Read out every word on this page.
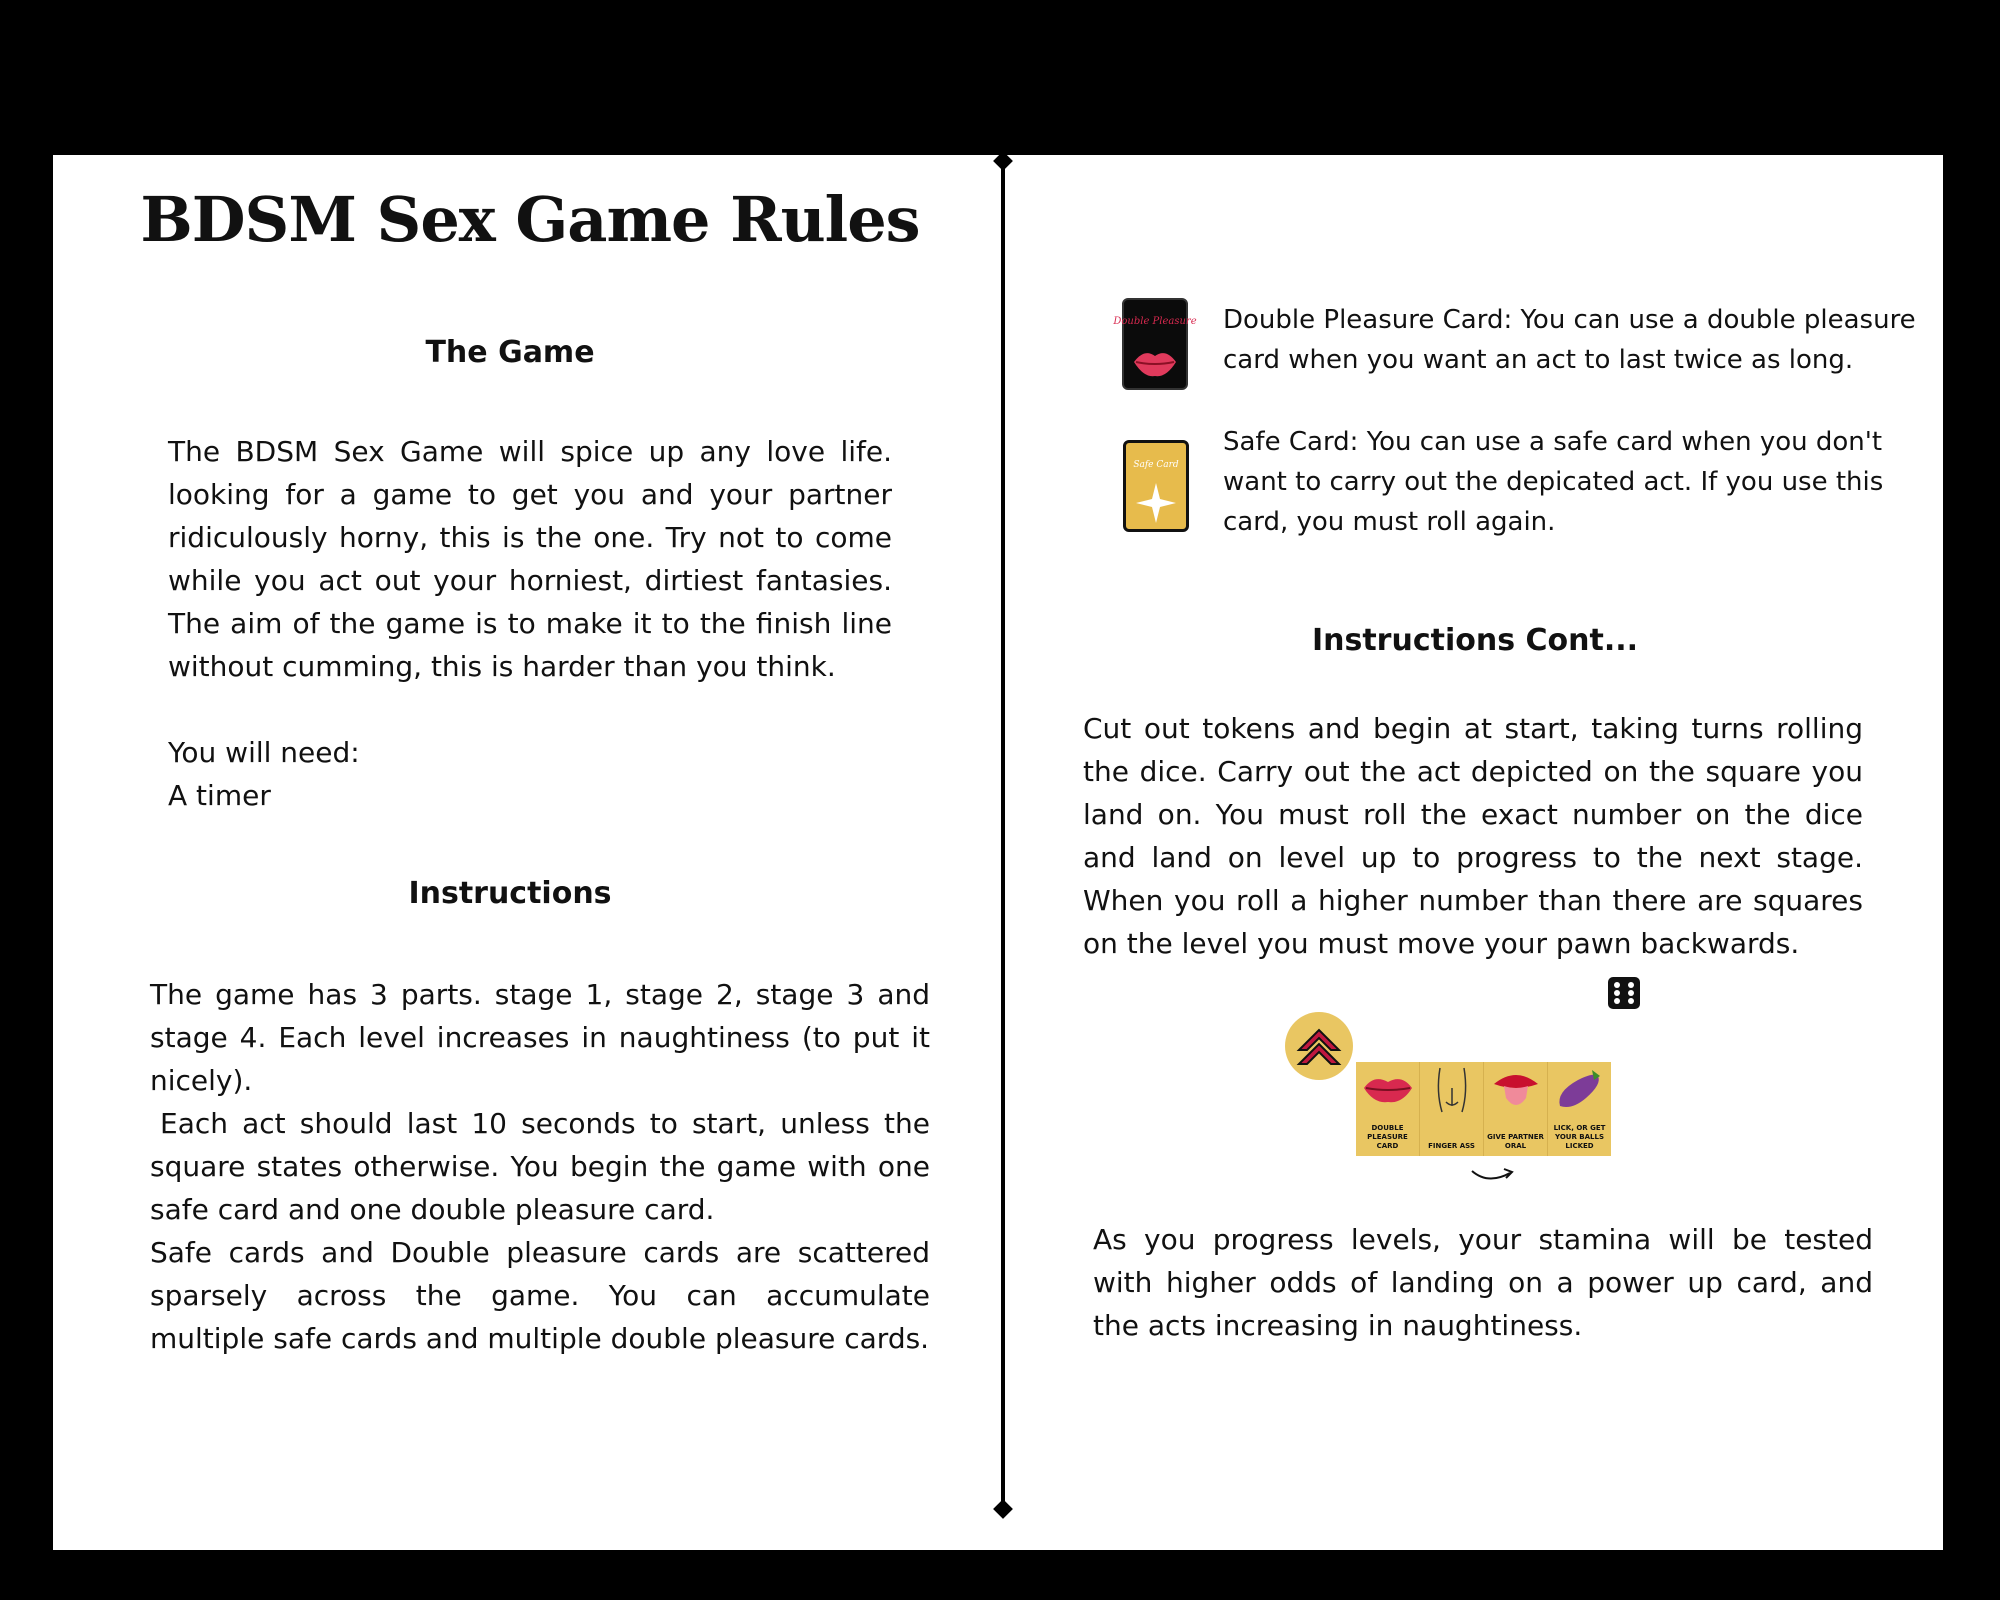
BDSM Sex Game Rules
The Game
The BDSM Sex Game will spice up any love life. looking for a game to get you and your partner ridiculously horny, this is the one. Try not to come while you act out your horniest, dirtiest fantasies. The aim of the game is to make it to the finish line without cumming, this is harder than you think.
You will need:
A timer
Instructions
The game has 3 parts. stage 1, stage 2, stage 3 and stage 4. Each level increases in naughtiness (to put it nicely).
Each act should last 10 seconds to start, unless the square states otherwise. You begin the game with one safe card and one double pleasure card.
Safe cards and Double pleasure cards are scattered sparsely across the game. You can accumulate multiple safe cards and multiple double pleasure cards.
Double Pleasure Double Pleasure Card: You can use a double pleasure card when you want an act to last twice as long.
Safe Card
Safe Card: You can use a safe card when you don't want to carry out the depicated act. If you use this card, you must roll again.
Instructions Cont...
Cut out tokens and begin at start, taking turns rolling the dice. Carry out the act depicted on the square you land on. You must roll the exact number on the dice and land on level up to progress to the next stage. When you roll a higher number than there are squares on the level you must move your pawn backwards.
DOUBLE PLEASURE CARD	FINGER ASS
GIVE PARTNER ORAL
LICK, OR GET YOUR BALLS LICKED
As you progress levels, your stamina will be tested with higher odds of landing on a power up card, and the acts increasing in naughtiness.
